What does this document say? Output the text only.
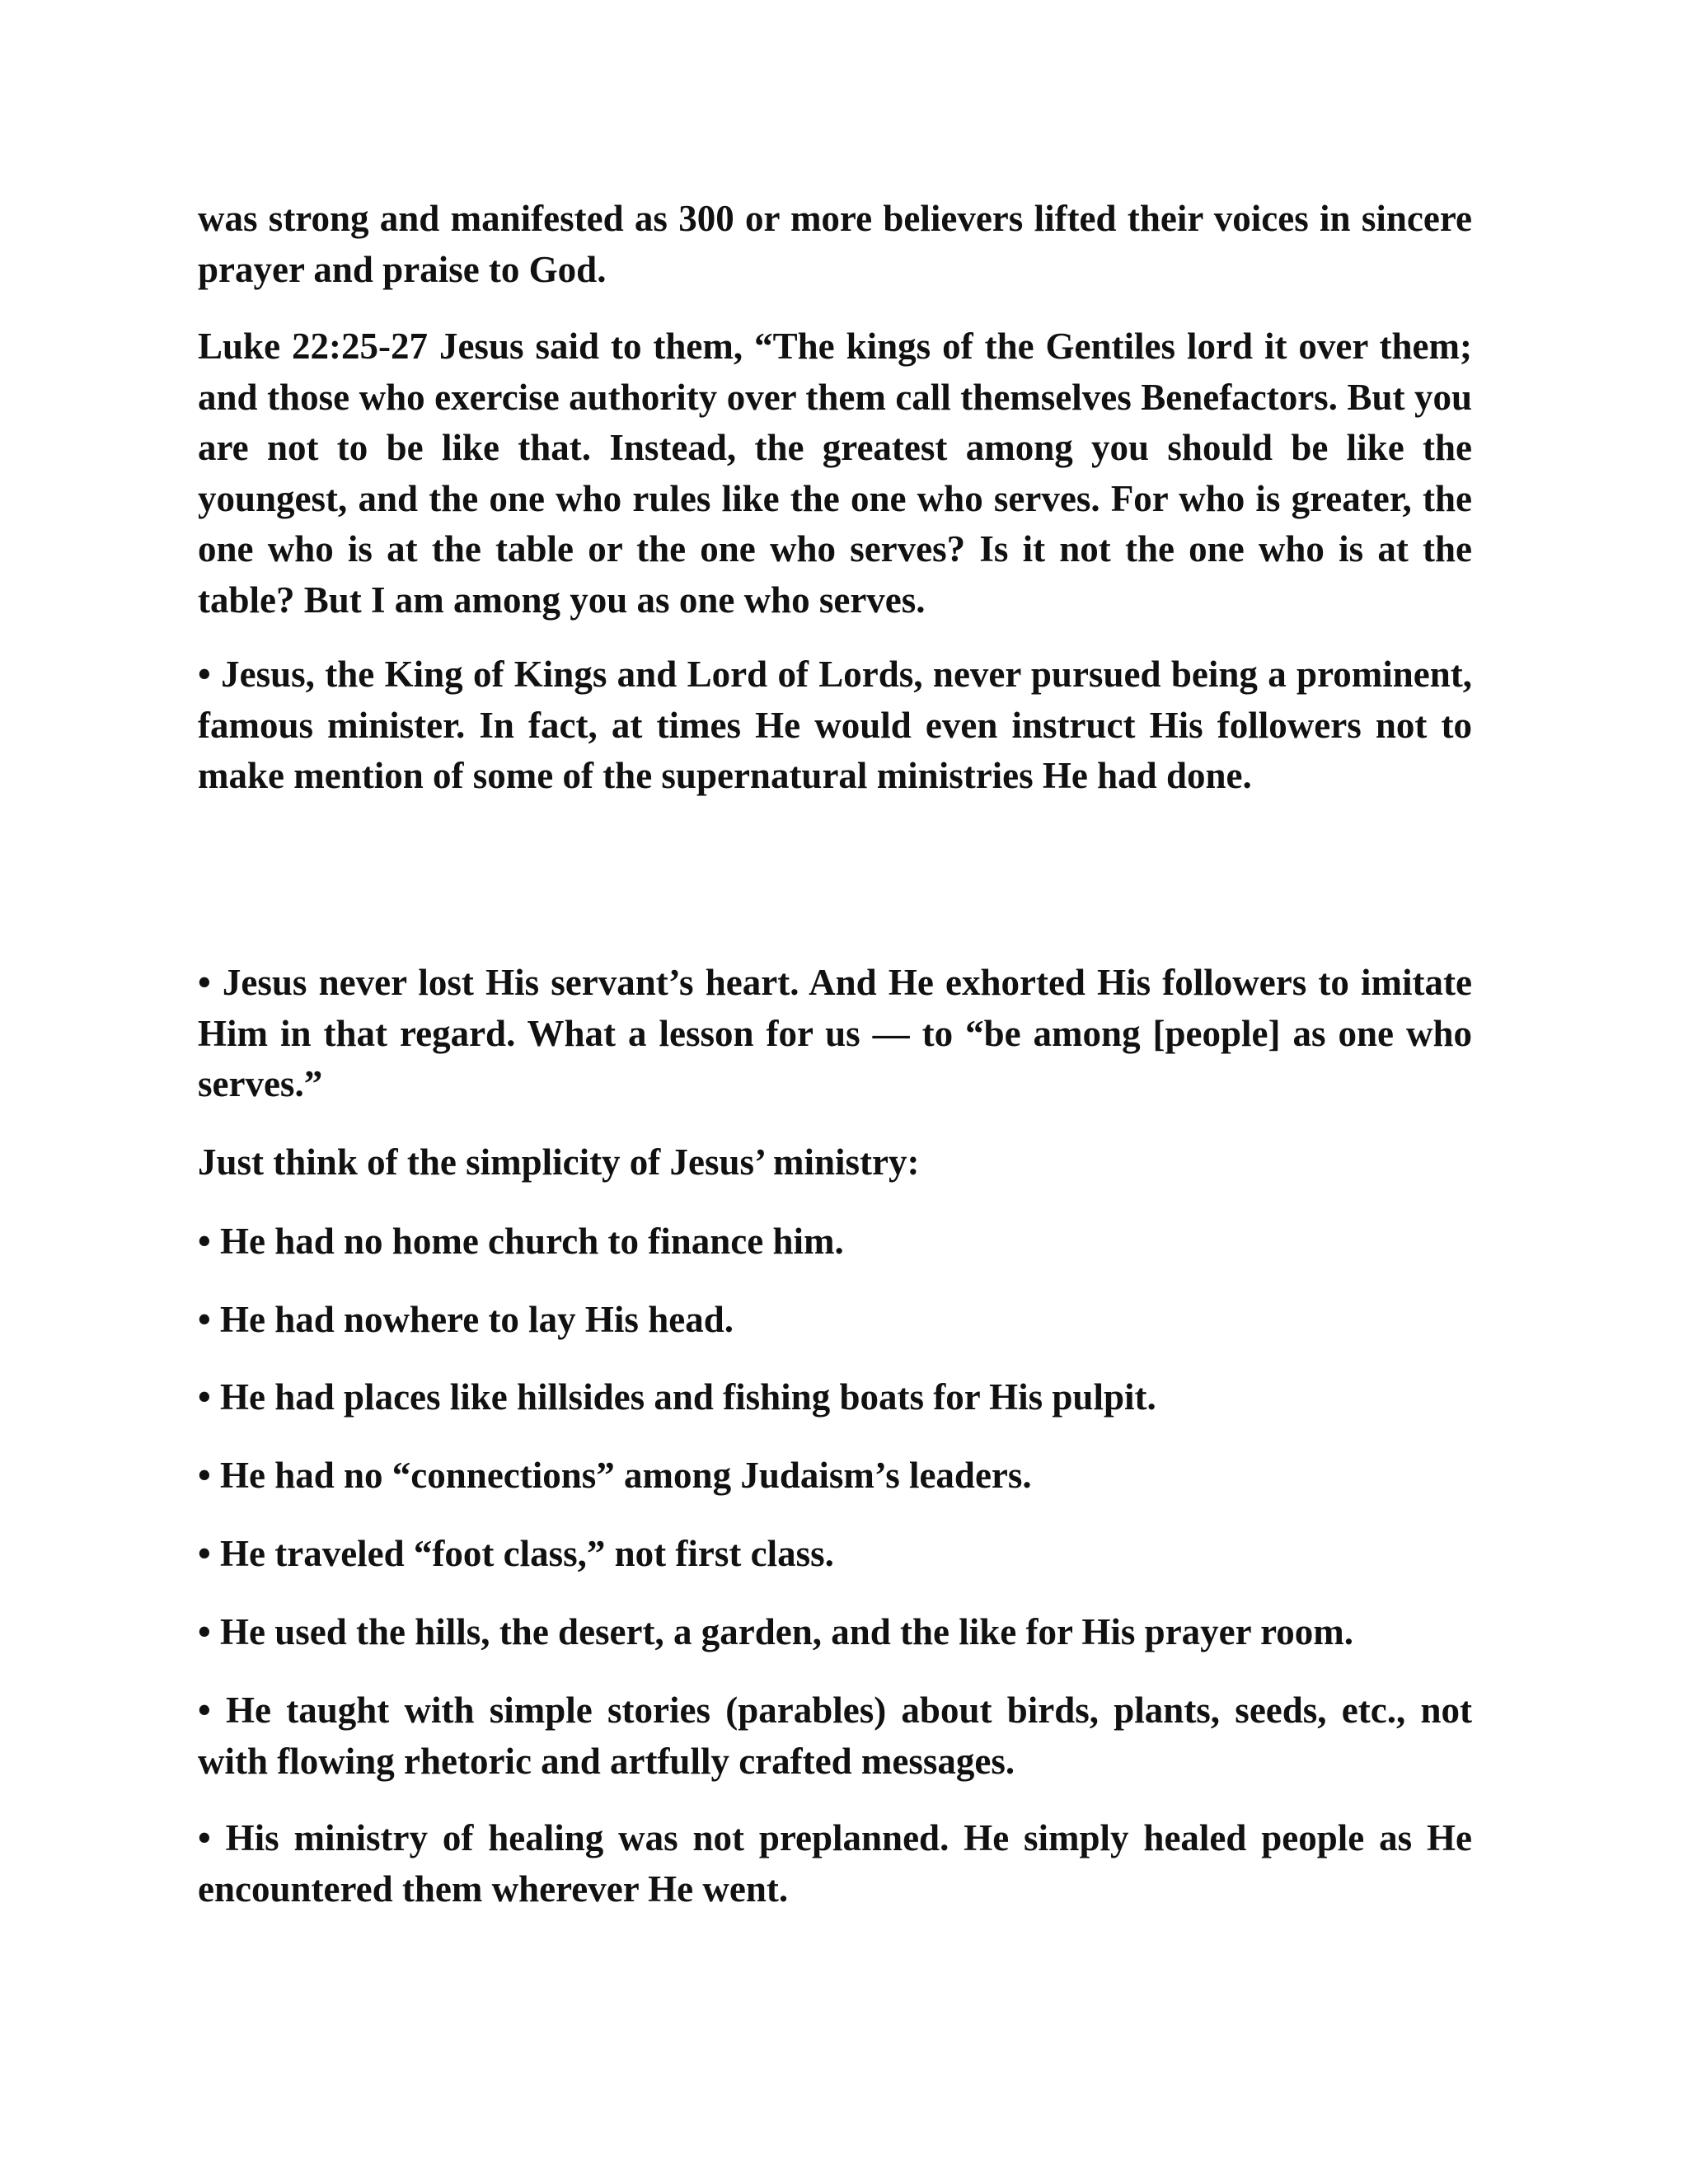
was strong and manifested as 300 or more believers lifted their voices in sincere prayer and praise to God.

Luke 22:25-27 Jesus said to them, “The kings of the Gentiles lord it over them; and those who exercise authority over them call themselves Benefactors. But you are not to be like that. Instead, the greatest among you should be like the youngest, and the one who rules like the one who serves. For who is greater, the one who is at the table or the one who serves? Is it not the one who is at the table? But I am among you as one who serves.

• Jesus, the King of Kings and Lord of Lords, never pursued being a prominent, famous minister. In fact, at times He would even instruct His followers not to make mention of some of the supernatural ministries He had done.

• Jesus never lost His servant’s heart. And He exhorted His followers to imitate Him in that regard. What a lesson for us — to “be among [people] as one who serves.”

Just think of the simplicity of Jesus’ ministry:

• He had no home church to finance him.

• He had nowhere to lay His head.

• He had places like hillsides and fishing boats for His pulpit.

• He had no “connections” among Judaism’s leaders.

• He traveled “foot class,” not first class.

• He used the hills, the desert, a garden, and the like for His prayer room.

• He taught with simple stories (parables) about birds, plants, seeds, etc., not with flowing rhetoric and artfully crafted messages.

• His ministry of healing was not preplanned. He simply healed people as He encountered them wherever He went.
